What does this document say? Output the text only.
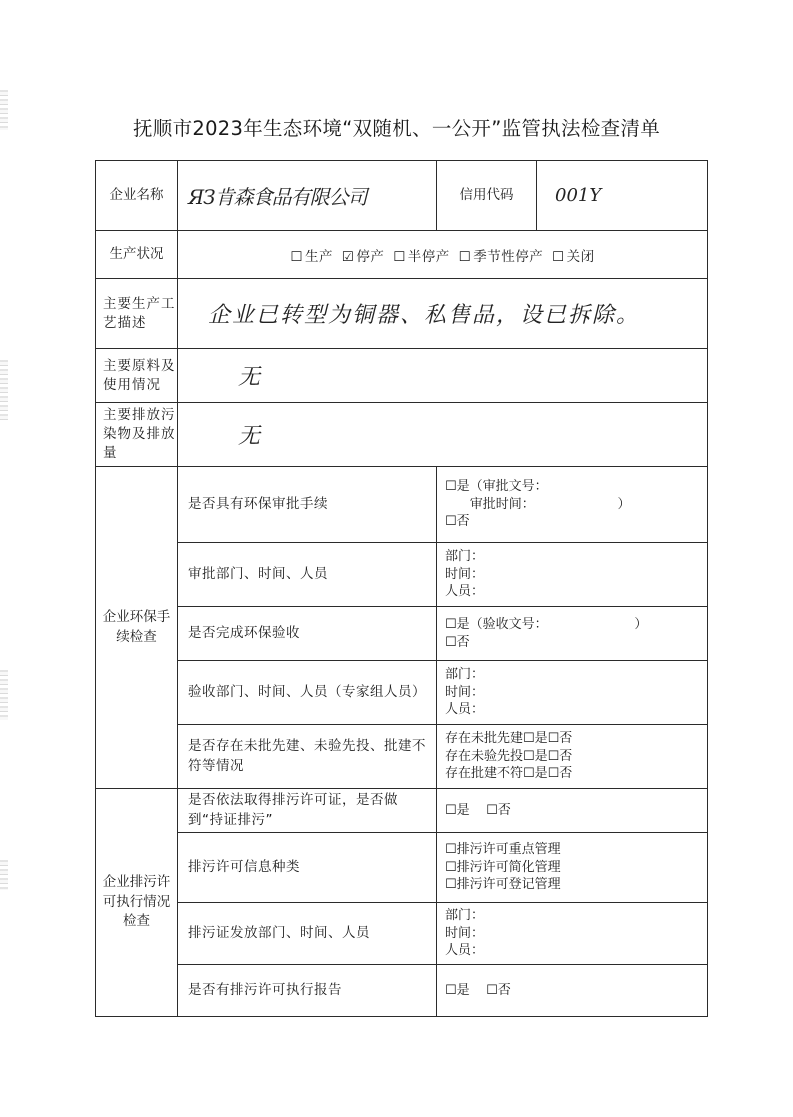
抚顺市2023年生态环境“双随机、一公开”监管执法检查清单
企业名称	ЯЗ肯森食品有限公司	信用代码	001Y

生产状况	☐ 生产 ☑ 停产 ☐ 半停产 ☐ 季节性停产 ☐ 关闭		
主要生产工艺描述	企业已转型为铜器、私售品，设已拆除。		

主要原料及使用情况	无		

主要排放污染物及排放量	无		

企业环保手续检查	是否具有环保审批手续	☐是（审批文号：
审批时间：                    ）
☐否	

	审批部门、时间、人员	部门：
时间：
人员：	

	是否完成环保验收	☐是（验收文号：                     ）
☐否	

	验收部门、时间、人员（专家组人员）	部门：
时间：
人员：	

	是否存在未批先建、未验先投、批建不符等情况	存在未批先建☐是☐否
存在未验先投☐是☐否
存在批建不符☐是☐否	

企业排污许可执行情况检查	是否依法取得排污许可证，是否做到“持证排污”	☐是    ☐否	

	排污许可信息种类	☐排污许可重点管理
☐排污许可简化管理
☐排污许可登记管理	

	排污证发放部门、时间、人员	部门：
时间：
人员：	

	是否有排污许可执行报告	☐是    ☐否	
